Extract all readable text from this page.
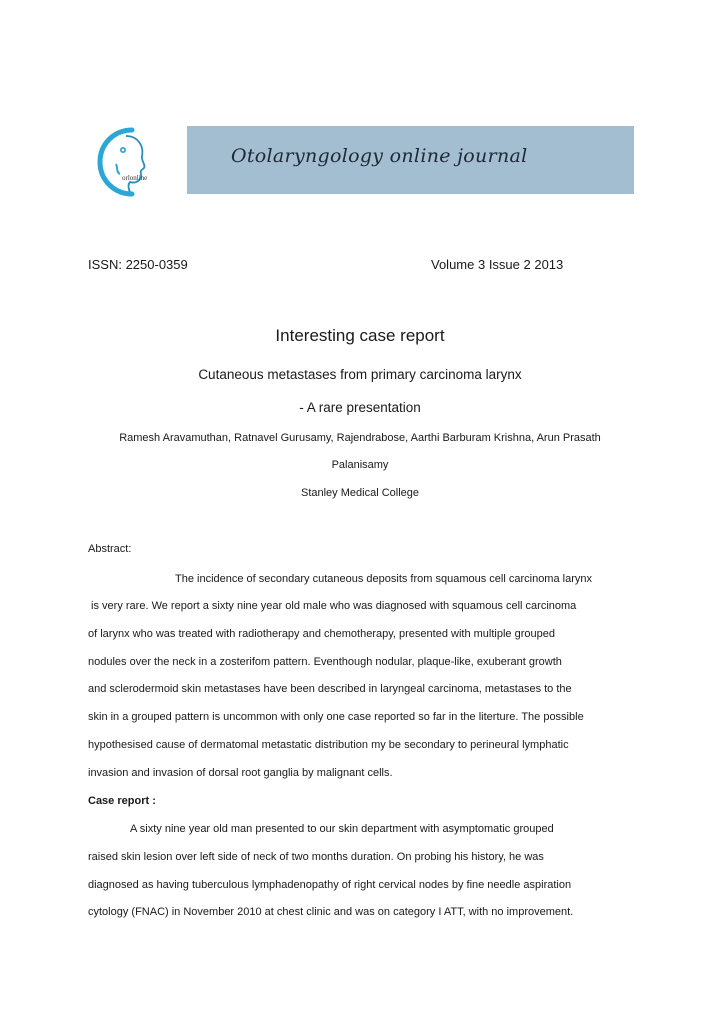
orlonline
Otolaryngology online journal
ISSN: 2250-0359	Volume 3 Issue 2 2013
Interesting case report
Cutaneous metastases from primary carcinoma larynx
- A rare presentation
Ramesh Aravamuthan, Ratnavel Gurusamy, Rajendrabose, Aarthi Barburam Krishna, Arun Prasath
Palanisamy
Stanley Medical College
Abstract:
The incidence of secondary cutaneous deposits from squamous cell carcinoma larynx
is very rare. We report a sixty nine year old male who was diagnosed with squamous cell carcinoma
of larynx who was treated with radiotherapy and chemotherapy, presented with multiple grouped
nodules over the neck in a zosterifom pattern. Eventhough nodular, plaque-like, exuberant growth
and sclerodermoid skin metastases have been described in laryngeal carcinoma, metastases to the
skin in a grouped pattern is uncommon with only one case reported so far in the literture. The possible
hypothesised cause of dermatomal metastatic distribution my be secondary to perineural lymphatic
invasion and invasion of dorsal root ganglia by malignant cells.
Case report :
A sixty nine year old man presented to our skin department with asymptomatic grouped
raised skin lesion over left side of neck of two months duration. On probing his history, he was
diagnosed as having tuberculous lymphadenopathy of right cervical nodes by fine needle aspiration
cytology (FNAC) in November 2010 at chest clinic and was on category I ATT, with no improvement.
